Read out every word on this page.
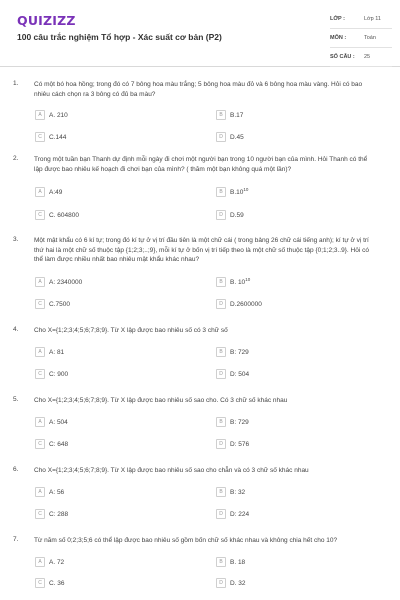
QUIZIZZ
100 câu trắc nghiệm Tổ hợp - Xác suất cơ bản (P2)
LỚP :	Lớp 11
MÔN :	Toán
SỐ CÂU :	25
1. Có một bó hoa hồng; trong đó có 7 bông hoa màu trắng; 5 bông hoa màu đỏ và 6 bông hoa màu vàng. Hỏi có bao nhiêu cách chọn ra 3 bông có đủ ba màu?
A	A. 210	B	B.17
C	C.144	D	D.45
2. Trong một tuần bạn Thanh dự định mỗi ngày đi chơi một người bạn trong 10 người bạn của mình. Hỏi Thanh có thể lập được bao nhiêu kế hoạch đi chơi bạn của mình? ( thăm một bạn không quá một lần)?
A	A:49	B	$B.10^{10}$
C	C. 604800	D	D.59
3. Một mật khẩu có 6 kí tự; trong đó kí tự ở vị trí đầu tiên là một chữ cái ( trong bảng 26 chữ cái tiếng anh); kí tự ở vị trí thứ hai là một chữ số thuộc tập {1;2;3;..;9}, mỗi kí tự ở bốn vị trí tiếp theo là một chữ số thuộc tập {0;1;2;3..9}. Hỏi có thể làm được nhiều nhất bao nhiêu mật khẩu khác nhau?
A	A: 2340000	B	B. $10^{10}$
C	C.7500	D	D.2600000
4. Cho X={1;2;3;4;5;6;7;8;9}. Từ X lập được bao nhiêu số có 3 chữ số
A	A: 81	B	B: 729
C	C: 900	D	D: 504
5. Cho X={1;2;3;4;5;6;7;8;9}. Từ X lập được bao nhiêu số sao cho. Có 3 chữ số khác nhau
A	A: 504	B	B: 729
C	C: 648	D	D: 576
6. Cho X={1;2;3;4;5;6;7;8;9}. Từ X lập được bao nhiêu số sao cho chẵn và có 3 chữ số khác nhau
A	A: 56	B	B: 32
C	C: 288	D	D: 224
7. Từ năm số 0;2;3;5;6 có thể lập được bao nhiêu số gồm bốn chữ số khác nhau và không chia hết cho 10?
A	A. 72	B	B. 18
C	C. 36	D	D. 32
